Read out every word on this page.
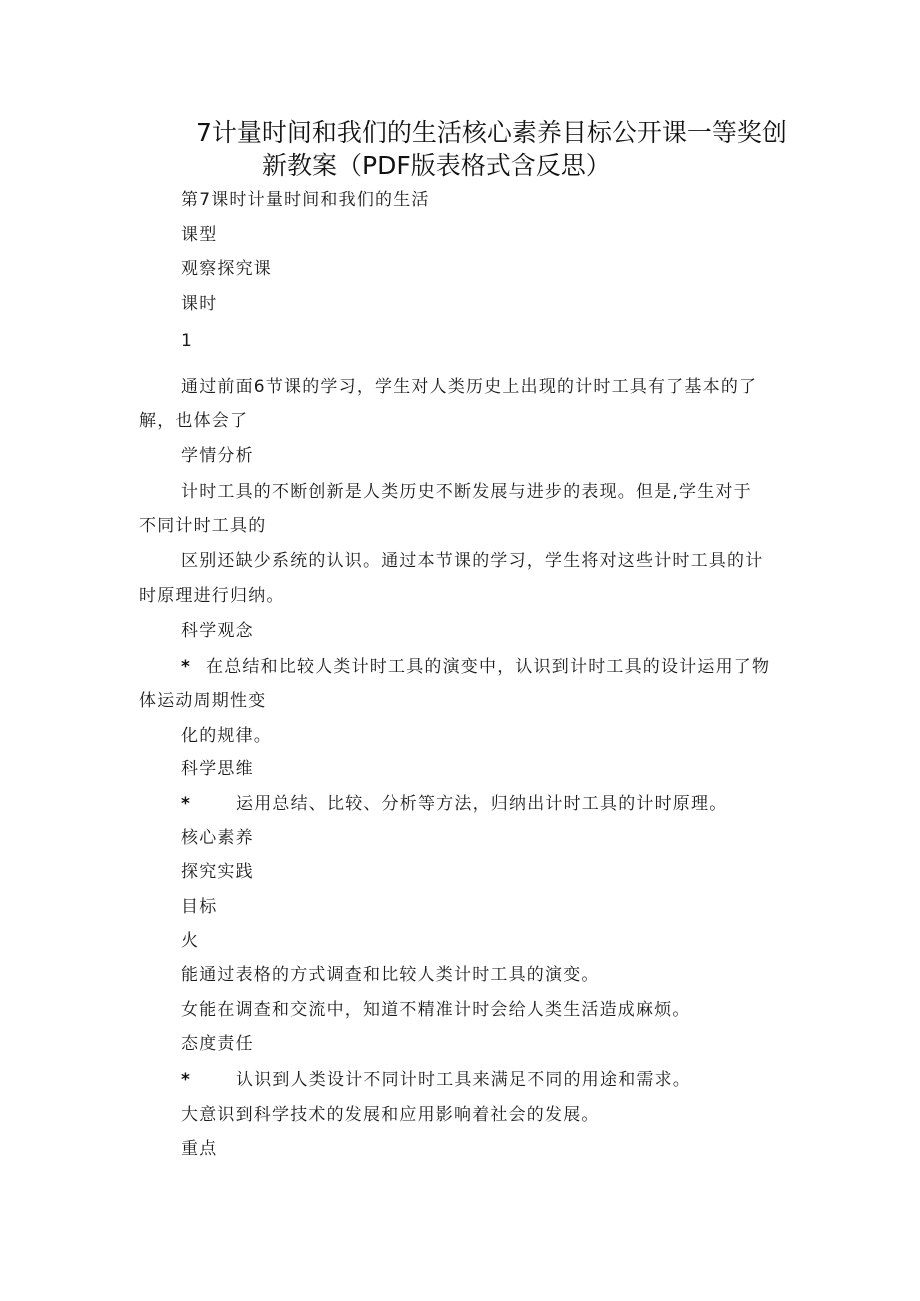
7计量时间和我们的生活核心素养目标公开课一等奖创
新教案（PDF版表格式含反思）
第7课时计量时间和我们的生活
课型
观察探究课
课时
1
通过前面6节课的学习，学生对人类历史上出现的计时工具有了基本的了
解，也体会了
学情分析
计时工具的不断创新是人类历史不断发展与进步的表现。但是,学生对于
不同计时工具的
区别还缺少系统的认识。通过本节课的学习，学生将对这些计时工具的计
时原理进行归纳。
科学观念
* 在总结和比较人类计时工具的演变中，认识到计时工具的设计运用了物
体运动周期性变
化的规律。
科学思维
*	运用总结、比较、分析等方法，归纳出计时工具的计时原理。
核心素养
探究实践
目标
火
能通过表格的方式调查和比较人类计时工具的演变。
女能在调查和交流中，知道不精准计时会给人类生活造成麻烦。
态度责任
*	认识到人类设计不同计时工具来满足不同的用途和需求。
大意识到科学技术的发展和应用影响着社会的发展。
重点
